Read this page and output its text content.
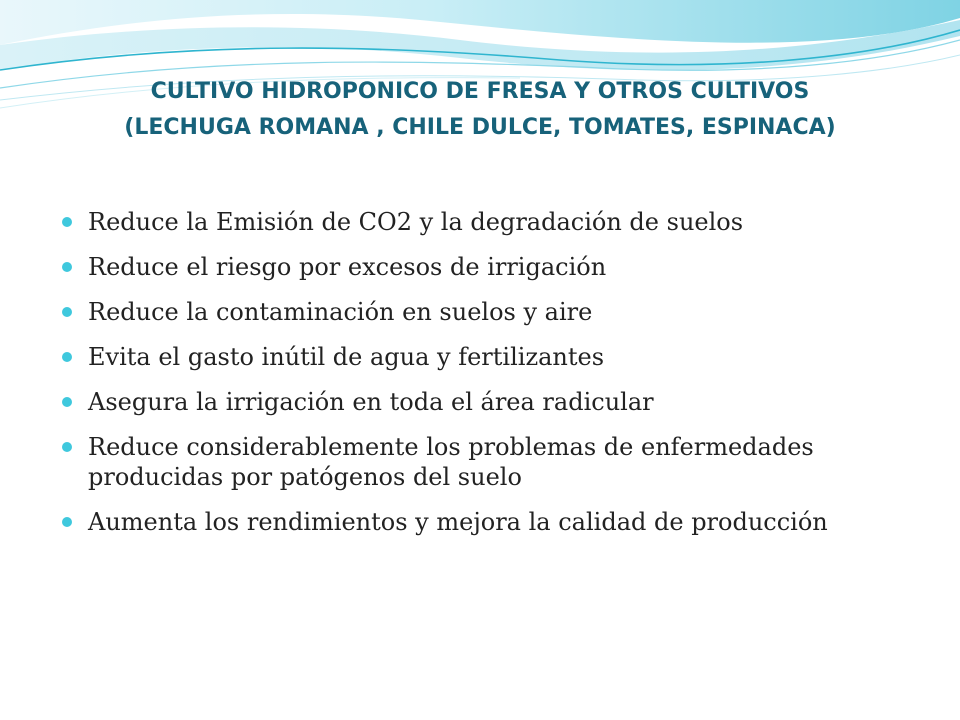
CULTIVO HIDROPONICO DE FRESA Y OTROS CULTIVOS
(LECHUGA ROMANA , CHILE DULCE, TOMATES, ESPINACA)
Reduce la Emisión de CO2 y la degradación de suelos
Reduce el riesgo por excesos de irrigación
Reduce la contaminación en suelos y aire
Evita el gasto inútil de agua y fertilizantes
Asegura la irrigación en toda el área radicular
Reduce considerablemente los problemas de enfermedades producidas por patógenos del suelo
Aumenta los rendimientos y mejora la calidad de producción
